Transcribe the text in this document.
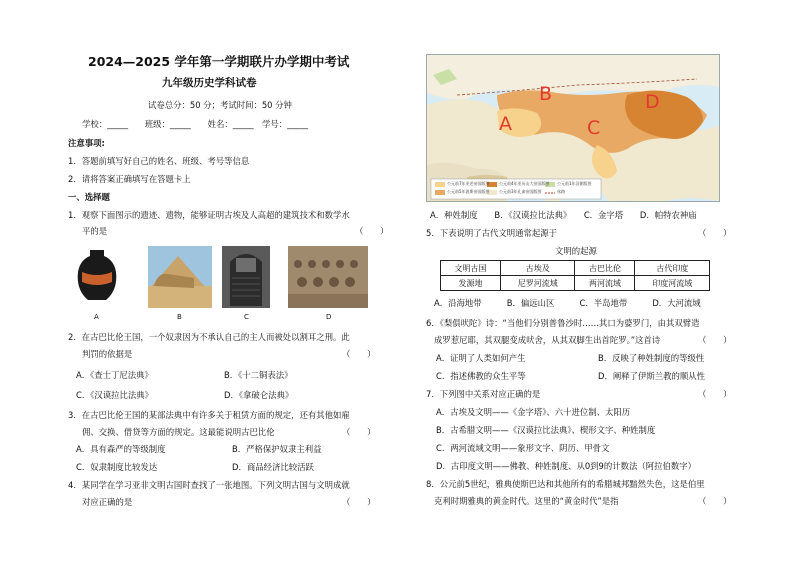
2024—2025 学年第一学期联片办学期中考试
九年级历史学科试卷
试卷总分：50 分；考试时间：50 分钟
学校：_____　　班级：_____　　姓名：_____　学号：_____
注意事项:
1．答题前填写好自己的姓名、班级、考号等信息
2．请将答案正确填写在答题卡上
一、选择题
1．观察下面图示的遗迹、遗物，能够证明古埃及人高超的建筑技术和数学水
平的是	（　　）
A	B	C	D
2．在古巴比伦王国，一个奴隶因为不承认自己的主人而被处以割耳之刑。此
判罚的依据是	（　　）
A．《查士丁尼法典》	B．《十二铜表法》
C．《汉谟拉比法典》	D．《拿破仑法典》
3．在古巴比伦王国的某部法典中有许多关于租赁方面的规定，还有其他如雇
佣、交换、借贷等方面的规定。这最能说明古巴比伦	（　　）
A．具有森严的等级制度	B．严格保护奴隶主利益
C．奴隶制度比较发达	D．商品经济比较活跃
4．某同学在学习亚非文明古国时查找了一张地图。下列文明古国与文明成就
对应正确的是	（　　）
公元前7年亚述帝国版图
公元前5年波斯帝国版图
公元前4年亚历山大帝国版图
公元前3年孔雀帝国版图
公元前1年汉朝版图
丝路
A
B
C
D
A．种姓制度　　B．《汉谟拉比法典》　　C．金字塔　　D．帕特农神庙
5．下表说明了古代文明通常起源于	（　　）
文明的起源
文明古国	古埃及	古巴比伦	古代印度
发源地	尼罗河流域	两河流域	印度河流域
A．沿海地带　　　B．偏远山区　　　C．半岛地带　　　D．大河流域
6．《梨俱吠陀》诗：“当他们分别普鲁沙时……其口为婆罗门，由其双臂造
成罗惹尼耶，其双腿变成吠舍，从其双脚生出首陀罗。”这首诗	（　　）
A．证明了人类如何产生	B．反映了种姓制度的等级性
C．指述佛教的众生平等	D．阐释了伊斯兰教的顺从性
7．下列图中关系对应正确的是	（　　）
A．古埃及文明——《金字塔》、六十进位制、太阳历
B．古希腊文明——《汉谟拉比法典》、楔形文字、种姓制度
C．两河流域文明——象形文字、阴历、甲骨文
D．古印度文明——佛教、种姓制度、从0到9的计数法（阿拉伯数字）
8．公元前5世纪，雅典使斯巴达和其他所有的希腊城邦黯然失色，这是伯里
克利时期雅典的黄金时代。这里的“黄金时代”是指	（　　）
